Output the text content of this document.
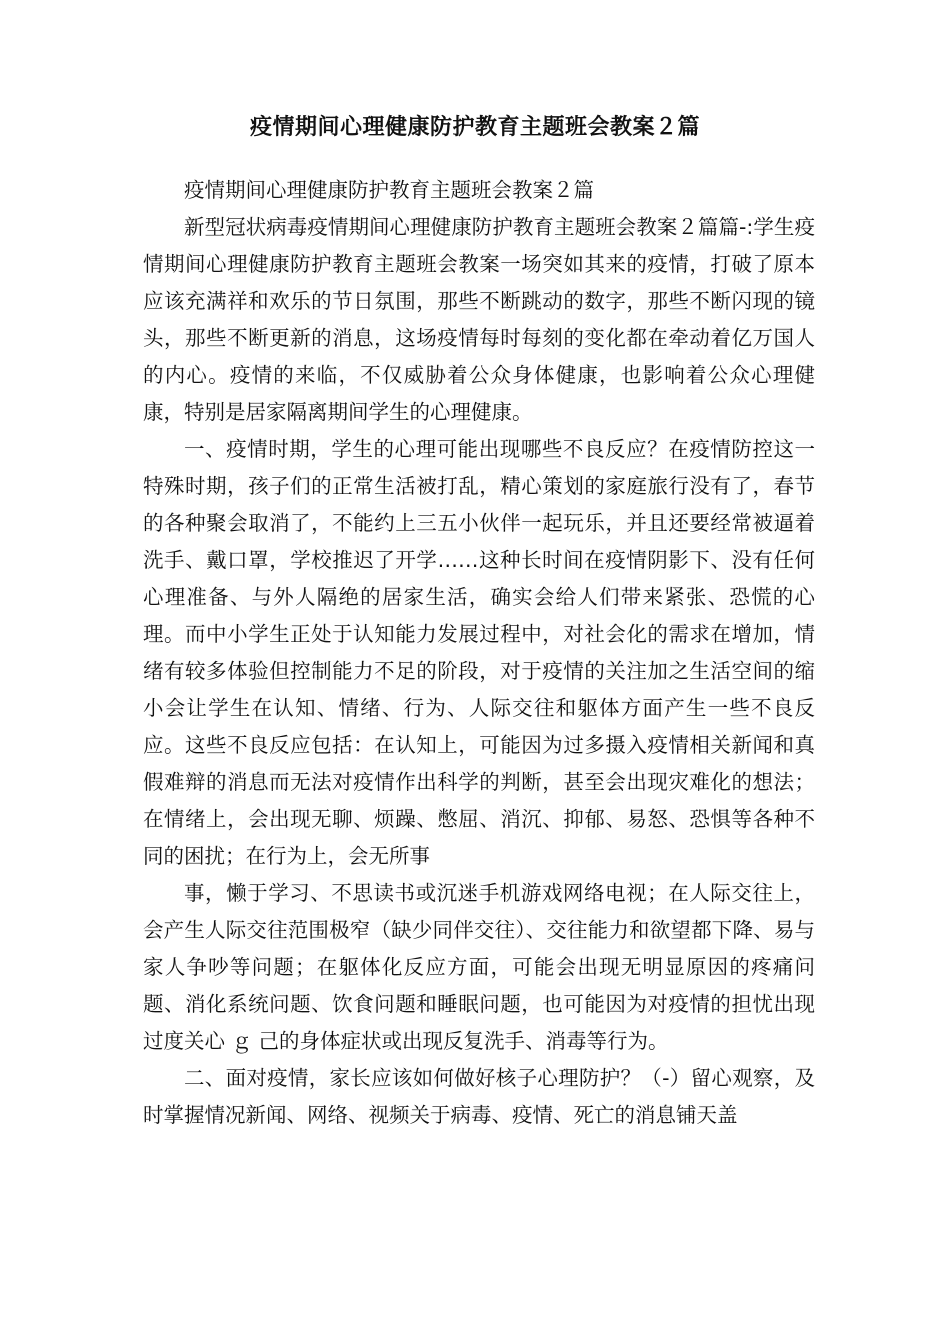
疫情期间心理健康防护教育主题班会教案２篇

疫情期间心理健康防护教育主题班会教案２篇

新型冠状病毒疫情期间心理健康防护教育主题班会教案２篇篇-:学生疫情期间心理健康防护教育主题班会教案一场突如其来的疫情，打破了原本应该充满祥和欢乐的节日氛围，那些不断跳动的数字，那些不断闪现的镜头，那些不断更新的消息，这场疫情每时每刻的变化都在牵动着亿万国人的内心。疫情的来临，不仅威胁着公众身体健康，也影响着公众心理健康，特别是居家隔离期间学生的心理健康。

一、疫情时期，学生的心理可能出现哪些不良反应？在疫情防控这一特殊时期，孩子们的正常生活被打乱，精心策划的家庭旅行没有了，春节的各种聚会取消了，不能约上三五小伙伴一起玩乐，并且还要经常被逼着洗手、戴口罩，学校推迟了开学……这种长时间在疫情阴影下、没有任何心理准备、与外人隔绝的居家生活，确实会给人们带来紧张、恐慌的心理。而中小学生正处于认知能力发展过程中，对社会化的需求在增加，情绪有较多体验但控制能力不足的阶段，对于疫情的关注加之生活空间的缩小会让学生在认知、情绪、行为、人际交往和躯体方面产生一些不良反应。这些不良反应包括：在认知上，可能因为过多摄入疫情相关新闻和真假难辩的消息而无法对疫情作出科学的判断，甚至会出现灾难化的想法；在情绪上，会出现无聊、烦躁、憋屈、消沉、抑郁、易怒、恐惧等各种不同的困扰；在行为上，会无所事

事，懒于学习、不思读书或沉迷手机游戏网络电视；在人际交往上，会产生人际交往范围极窄（缺少同伴交往）、交往能力和欲望都下降、易与家人争吵等问题；在躯体化反应方面，可能会出现无明显原因的疼痛问题、消化系统问题、饮食问题和睡眠问题，也可能因为对疫情的担忧出现过度关心 ｇ 己的身体症状或出现反复洗手、消毒等行为。

二、面对疫情，家长应该如何做好核子心理防护？（-）留心观察，及时掌握情况新闻、网络、视频关于病毒、疫情、死亡的消息铺天盖
